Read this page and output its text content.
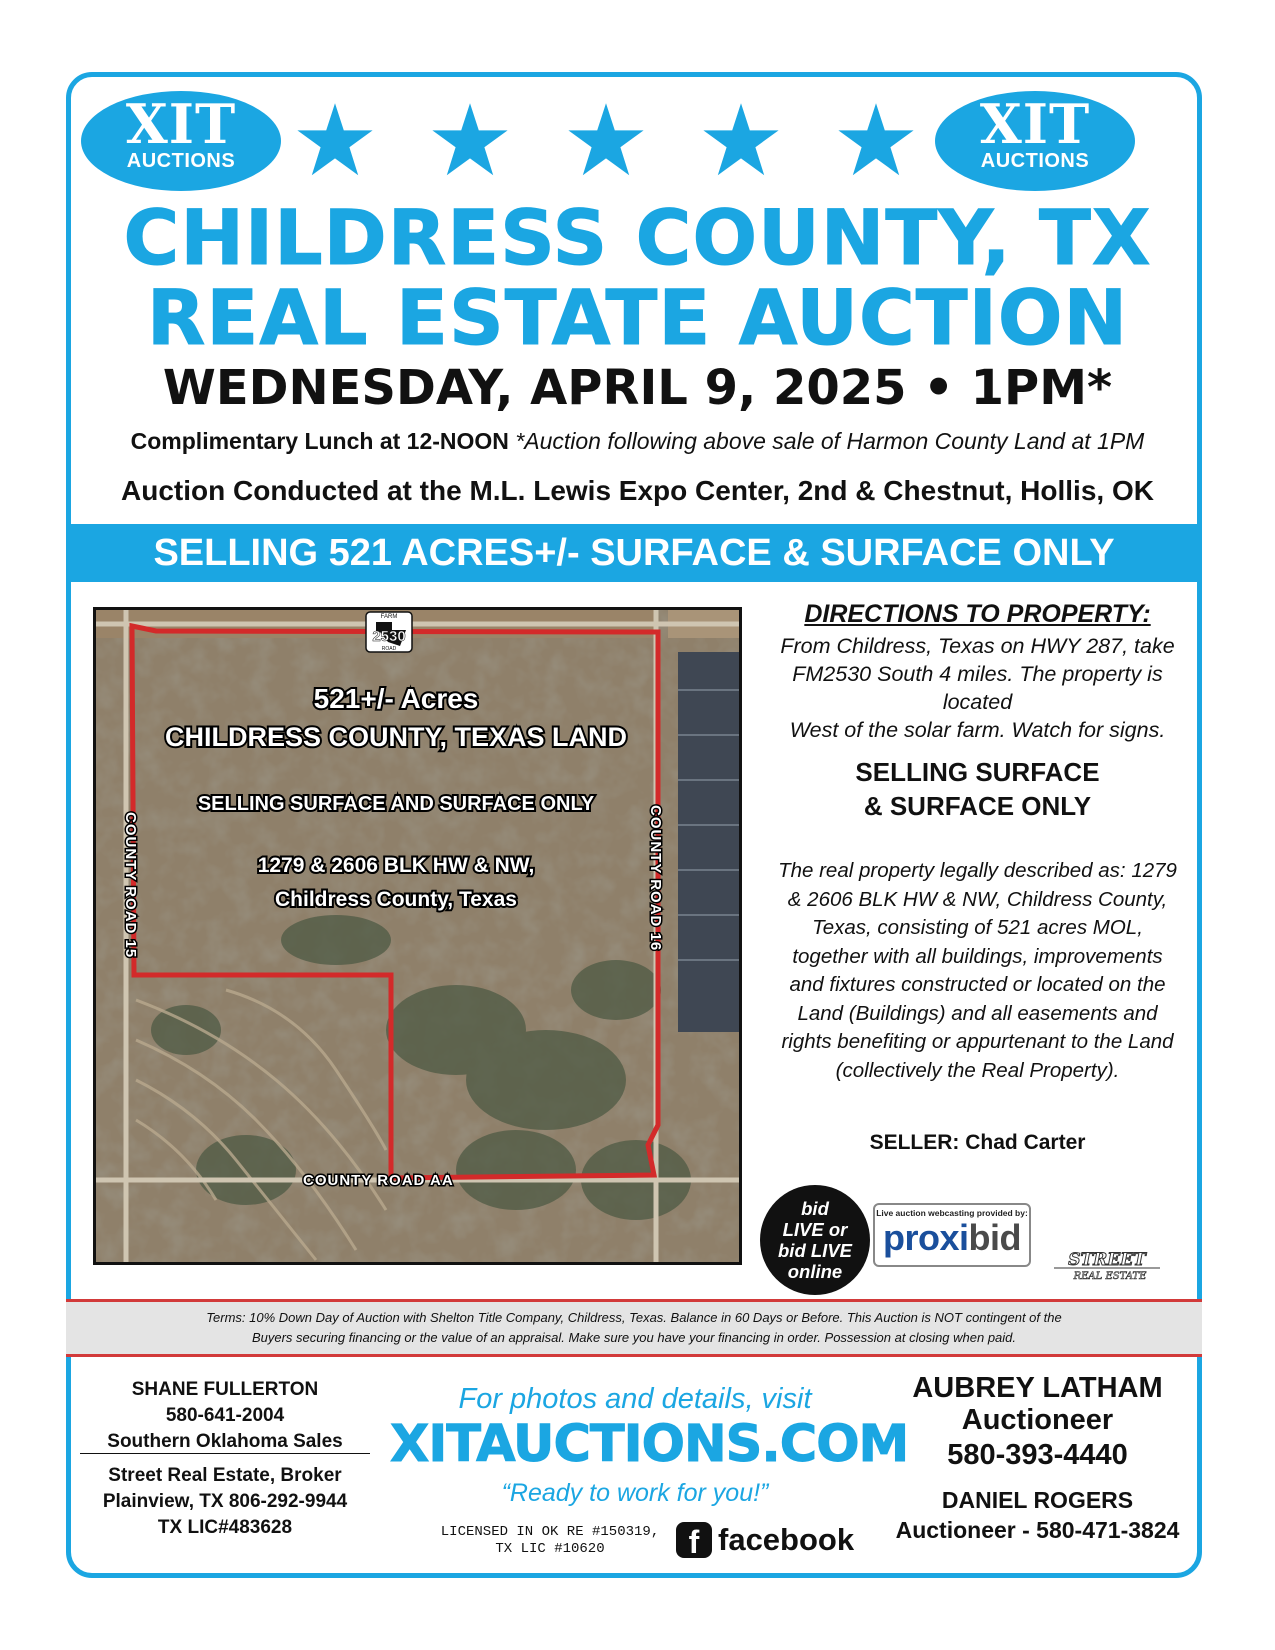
XIT
AUCTIONS
XIT
AUCTIONS
CHILDRESS COUNTY, TX
REAL ESTATE AUCTION
WEDNESDAY, APRIL 9, 2025 • 1PM*
Complimentary Lunch at 12-NOON *Auction following above sale of Harmon County Land at 1PM
Auction Conducted at the M.L. Lewis Expo Center, 2nd & Chestnut, Hollis, OK
SELLING 521 ACRES+/- SURFACE & SURFACE ONLY
FARM
2530
ROAD
521+/- Acres
CHILDRESS COUNTY, TEXAS LAND
SELLING SURFACE AND SURFACE ONLY
1279 & 2606 BLK HW & NW,
Childress County, Texas
COUNTY ROAD 15	COUNTY ROAD 16
COUNTY ROAD AA
DIRECTIONS TO PROPERTY:
From Childress, Texas on HWY 287, take
FM2530 South 4 miles. The property is located
West of the solar farm. Watch for signs.
SELLING SURFACE
& SURFACE ONLY
The real property legally described as: 1279
& 2606 BLK HW & NW, Childress County,
Texas, consisting of 521 acres MOL,
together with all buildings, improvements
and fixtures constructed or located on the
Land (Buildings) and all easements and
rights benefiting or appurtenant to the Land
(collectively the Real Property).
SELLER: Chad Carter
bid
LIVE or
bid LIVE
online
Live auction webcasting provided by:
proxibid
STREET
REAL ESTATE
Terms: 10% Down Day of Auction with Shelton Title Company, Childress, Texas. Balance in 60 Days or Before. This Auction is NOT contingent of the
Buyers securing financing or the value of an appraisal. Make sure you have your financing in order. Possession at closing when paid.
SHANE FULLERTON
580-641-2004
Southern Oklahoma Sales
Street Real Estate, Broker
Plainview, TX 806-292-9944
TX LIC#483628
For photos and details, visit
XITAUCTIONS.COM
“Ready to work for you!”
LICENSED IN OK RE #150319,
TX LIC #10620	f facebook
AUBREY LATHAM
Auctioneer
580-393-4440
DANIEL ROGERS
Auctioneer - 580-471-3824
